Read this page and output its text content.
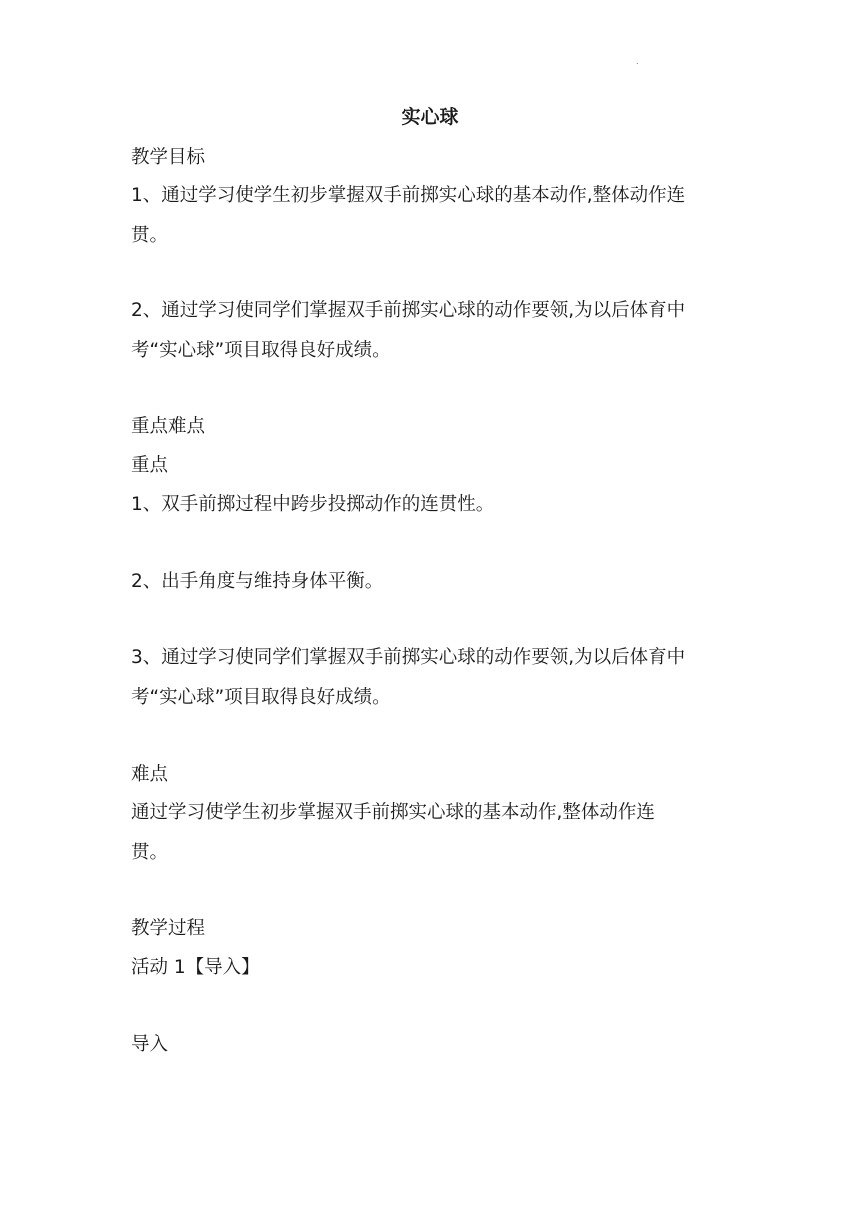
.
实心球
教学目标
1、通过学习使学生初步掌握双手前掷实心球的基本动作,整体动作连
贯。
2、通过学习使同学们掌握双手前掷实心球的动作要领,为以后体育中
考“实心球”项目取得良好成绩。
重点难点
重点
1、双手前掷过程中跨步投掷动作的连贯性。
2、出手角度与维持身体平衡。
3、通过学习使同学们掌握双手前掷实心球的动作要领,为以后体育中
考“实心球”项目取得良好成绩。
难点
通过学习使学生初步掌握双手前掷实心球的基本动作,整体动作连
贯。
教学过程
活动 1【导入】
导入
